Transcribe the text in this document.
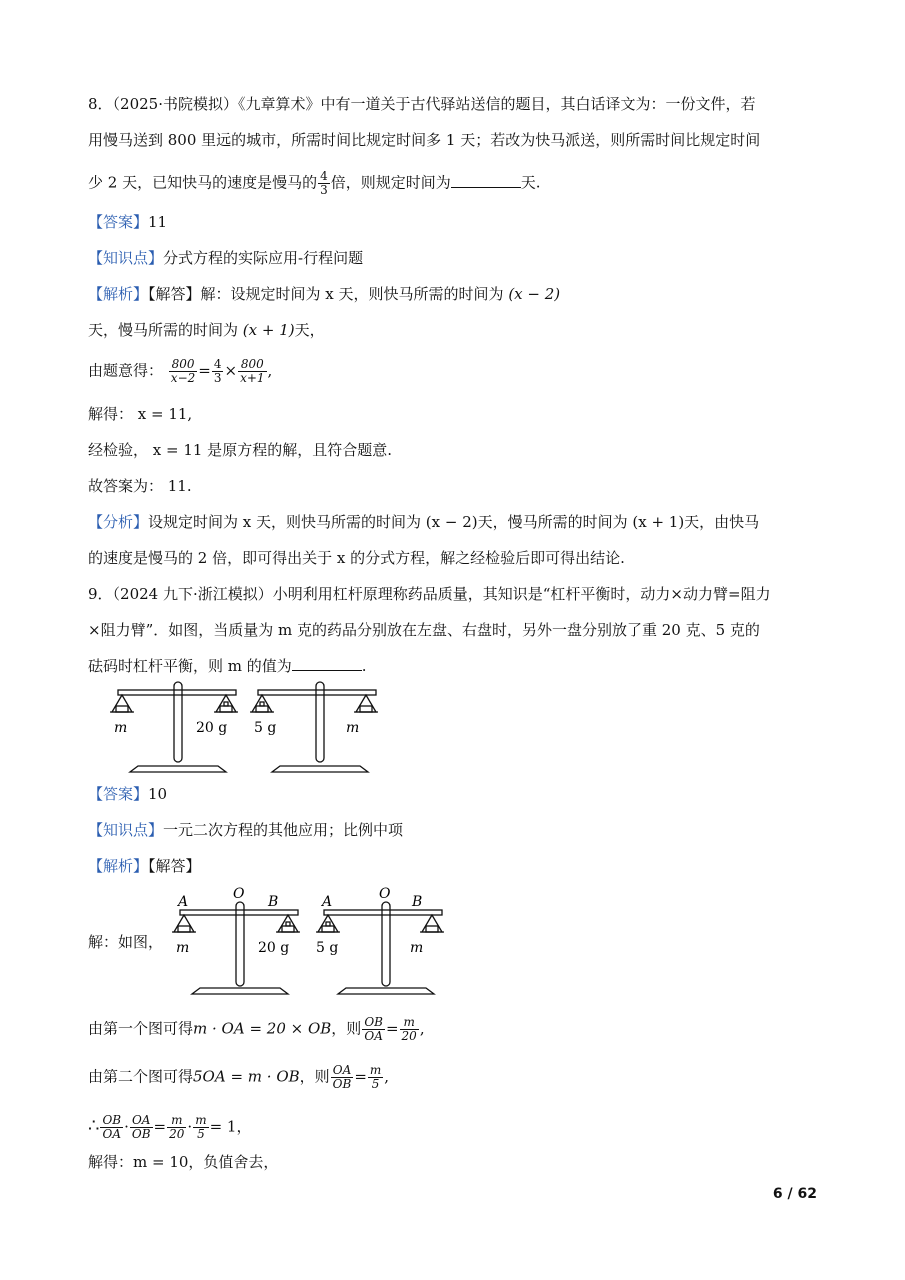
8．（2025·书院模拟）《九章算术》中有一道关于古代驿站送信的题目，其白话译文为：一份文件，若
用慢马送到 800 里远的城市，所需时间比规定时间多 1 天；若改为快马派送，则所需时间比规定时间
少 2 天，已知快马的速度是慢马的 $\frac{4}{3}$ 倍，则规定时间为	天.
【答案】11
【知识点】分式方程的实际应用-行程问题
【解析】【解答】解：设规定时间为 x 天，则快马所需的时间为 (x − 2)
天，慢马所需的时间为 (x + 1)天，
由题意得： $\frac{800}{x-2} = \frac{4}{3} \times \frac{800}{x+1}$ ,
解得： x = 11,
经检验， x = 11 是原方程的解，且符合题意.
故答案为： 11.
【分析】设规定时间为 x 天，则快马所需的时间为 (x − 2)天，慢马所需的时间为 (x + 1)天，由快马
的速度是慢马的 2 倍，即可得出关于 x 的分式方程，解之经检验后即可得出结论.
9．（2024 九下·浙江模拟）小明利用杠杆原理称药品质量，其知识是“杠杆平衡时，动力×动力臂=阻力
×阻力臂”．如图，当质量为 m 克的药品分别放在左盘、右盘时，另外一盘分别放了重 20 克、5 克的
砝码时杠杆平衡，则 m 的值为	.
m	20 g 5 g	m
【答案】10
【知识点】一元二次方程的其他应用；比例中项
【解析】【解答】
解：如图，
A	O B
m	20 g
A	O B
5 g	m
由第一个图可得m · OA = 20 × OB，则 $\frac{OB}{OA} = \frac{m}{20}$ ,
由第二个图可得5OA = m · OB，则 $\frac{OA}{OB} = \frac{m}{5}$ ,
∴ $\frac{OB}{OA} \cdot \frac{OA}{OB} = \frac{m}{20} \cdot \frac{m}{5} = 1$，
解得：m = 10，负值舍去，
6 / 62
